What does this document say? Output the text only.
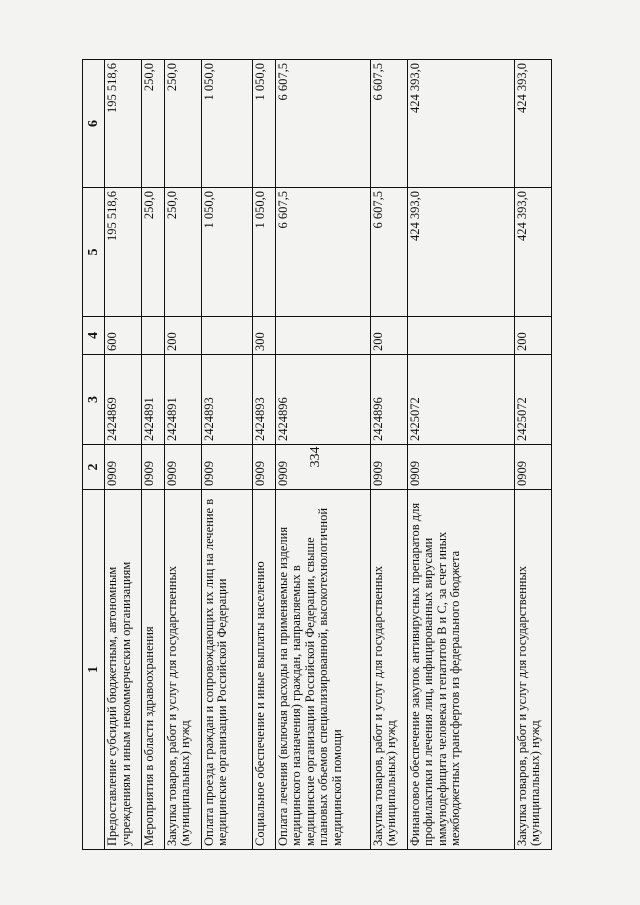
334
1	2	3	4	5	6
Предоставление субсидий бюджетным, автономным учреждениям и иным некоммерческим организациям	0909	2424869	600	195 518,6	195 518,6
Мероприятия в области здравоохранения	0909	2424891		250,0	250,0
Закупка товаров, работ и услуг для государственных (муниципальных) нужд	0909	2424891	200	250,0	250,0
Оплата проезда граждан и сопровождающих их лиц на лечение в медицинские организации Российской Федерации	0909	2424893		1 050,0	1 050,0
Социальное обеспечение и иные выплаты населению	0909	2424893	300	1 050,0	1 050,0
Оплата лечения (включая расходы на применяемые изделия медицинского назначения) граждан, направляемых в медицинские организации Российской Федерации, свыше плановых объемов специализированной, высокотехнологичной медицинской помощи	0909	2424896		6 607,5	6 607,5
Закупка товаров, работ и услуг для государственных (муниципальных) нужд	0909	2424896	200	6 607,5	6 607,5
Финансовое обеспечение закупок антивирусных препаратов для профилактики и лечения лиц, инфицированных вирусами иммунодефицита человека и гепатитов В и С, за счет иных межбюджетных трансфертов из федерального бюджета	0909	2425072		424 393,0	424 393,0
Закупка товаров, работ и услуг для государственных (муниципальных) нужд	0909	2425072	200	424 393,0	424 393,0
